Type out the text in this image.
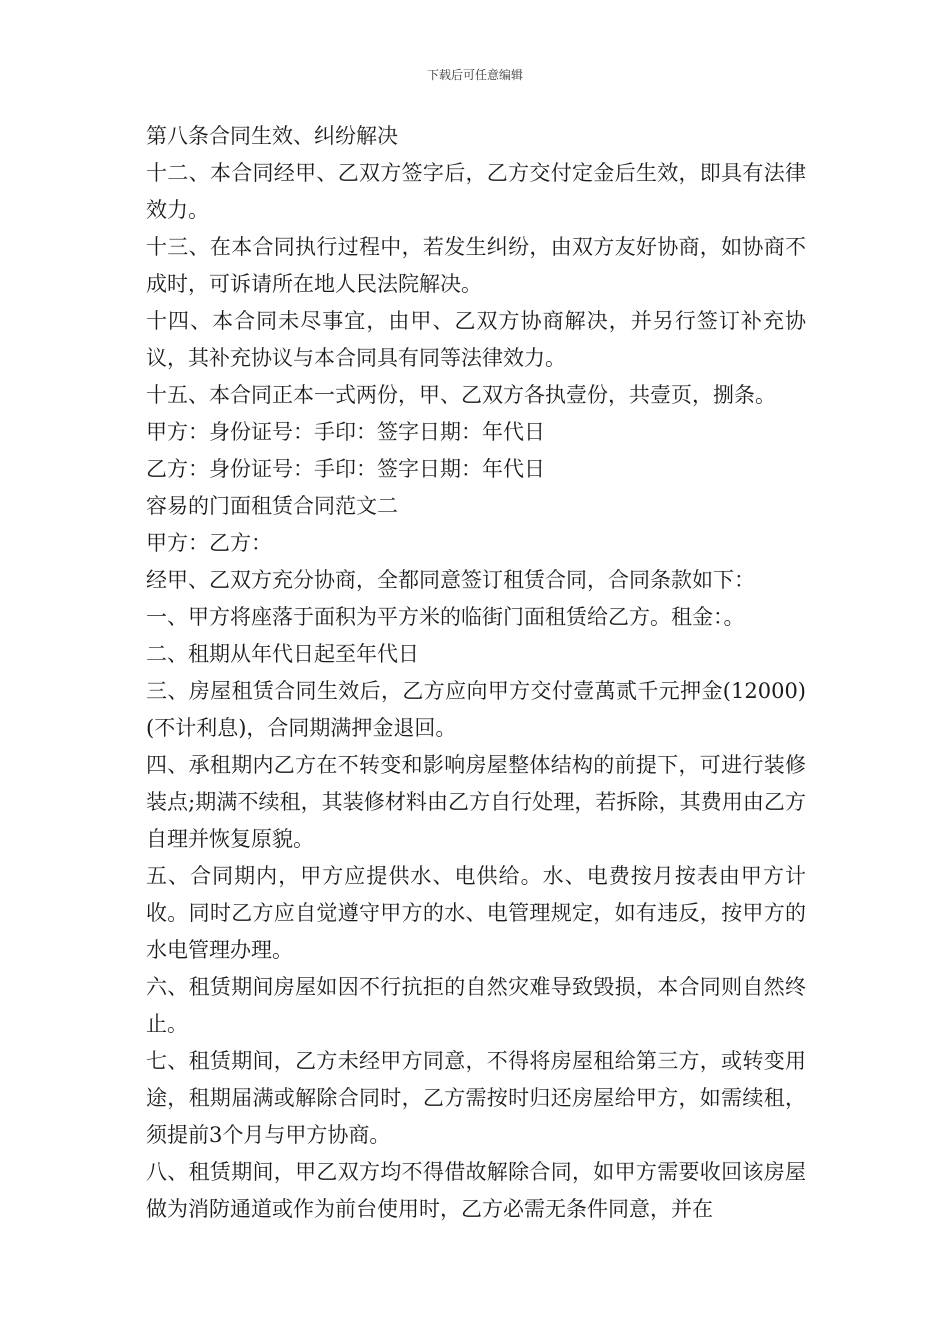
下载后可任意编辑

第八条合同生效、纠纷解决

十二、本合同经甲、乙双方签字后，乙方交付定金后生效，即具有法律效力。

十三、在本合同执行过程中，若发生纠纷，由双方友好协商，如协商不成时，可诉请所在地人民法院解决。

十四、本合同未尽事宜，由甲、乙双方协商解决，并另行签订补充协议，其补充协议与本合同具有同等法律效力。

十五、本合同正本一式两份，甲、乙双方各执壹份，共壹页，捌条。

甲方：身份证号：手印：签字日期：年代日

乙方：身份证号：手印：签字日期：年代日

容易的门面租赁合同范文二

甲方：乙方：

经甲、乙双方充分协商，全都同意签订租赁合同，合同条款如下：

一、甲方将座落于面积为平方米的临街门面租赁给乙方。租金：。

二、租期从年代日起至年代日

三、房屋租赁合同生效后，乙方应向甲方交付壹萬贰千元押金(12000)(不计利息)，合同期满押金退回。

四、承租期内乙方在不转变和影响房屋整体结构的前提下，可进行装修装点;期满不续租，其装修材料由乙方自行处理，若拆除，其费用由乙方自理并恢复原貌。

五、合同期内，甲方应提供水、电供给。水、电费按月按表由甲方计收。同时乙方应自觉遵守甲方的水、电管理规定，如有违反，按甲方的水电管理办理。

六、租赁期间房屋如因不行抗拒的自然灾难导致毁损，本合同则自然终止。

七、租赁期间，乙方未经甲方同意，不得将房屋租给第三方，或转变用途，租期届满或解除合同时，乙方需按时归还房屋给甲方，如需续租，须提前3个月与甲方协商。

八、租赁期间，甲乙双方均不得借故解除合同，如甲方需要收回该房屋做为消防通道或作为前台使用时，乙方必需无条件同意，并在
